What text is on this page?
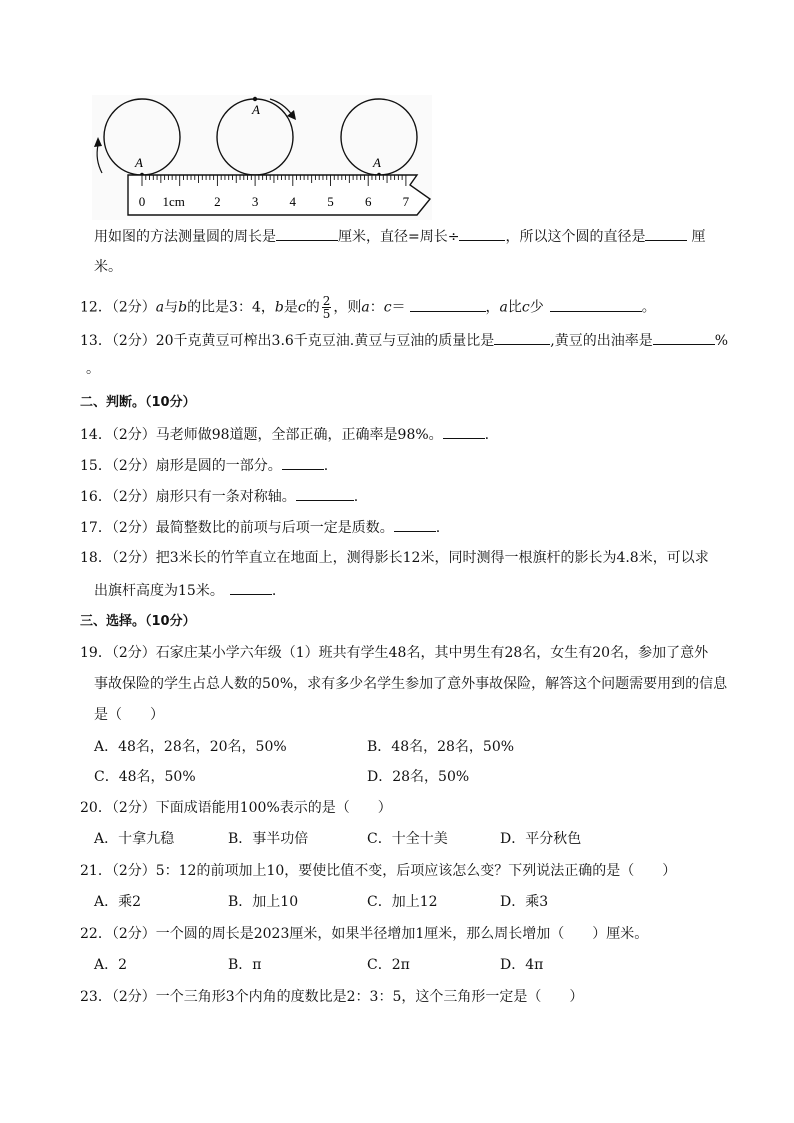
A
A
A
0 1cm 2 3 4 5 6 7
用如图的方法测量圆的周长是	厘米，直径=周长÷	，所以这个圆的直径是	厘
米。
12．（2分）a与b的比是3：4，b是c的 $\frac{2}{5}$ ，则a：c＝	，a比c少	。
13．（2分）20千克黄豆可榨出3.6千克豆油.黄豆与豆油的质量比是	,黄豆的出油率是	%
。
二、判断。（10分）
14．（2分）马老师做98道题，全部正确，正确率是98%。	.
15．（2分）扇形是圆的一部分。	.
16．（2分）扇形只有一条对称轴。	.
17．（2分）最简整数比的前项与后项一定是质数。	.
18．（2分）把3米长的竹竿直立在地面上，测得影长12米，同时测得一根旗杆的影长为4.8米，可以求
出旗杆高度为15米。	.
三、选择。（10分）
19．（2分）石家庄某小学六年级（1）班共有学生48名，其中男生有28名，女生有20名，参加了意外
事故保险的学生占总人数的50%，求有多少名学生参加了意外事故保险，解答这个问题需要用到的信息
是（　　）
A．48名，28名，20名，50%	B．48名，28名，50%
C．48名，50%	D．28名，50%
20．（2分）下面成语能用100%表示的是（　　）
A．十拿九稳	B．事半功倍	C．十全十美	D．平分秋色
21．（2分）5：12的前项加上10，要使比值不变，后项应该怎么变？下列说法正确的是（　　）
A．乘2	B．加上10	C．加上12	D．乘3
22．（2分）一个圆的周长是2023厘米，如果半径增加1厘米，那么周长增加（　　）厘米。
A．2	B．π	C．2π	D．4π
23．（2分）一个三角形3个内角的度数比是2：3：5，这个三角形一定是（　　）
